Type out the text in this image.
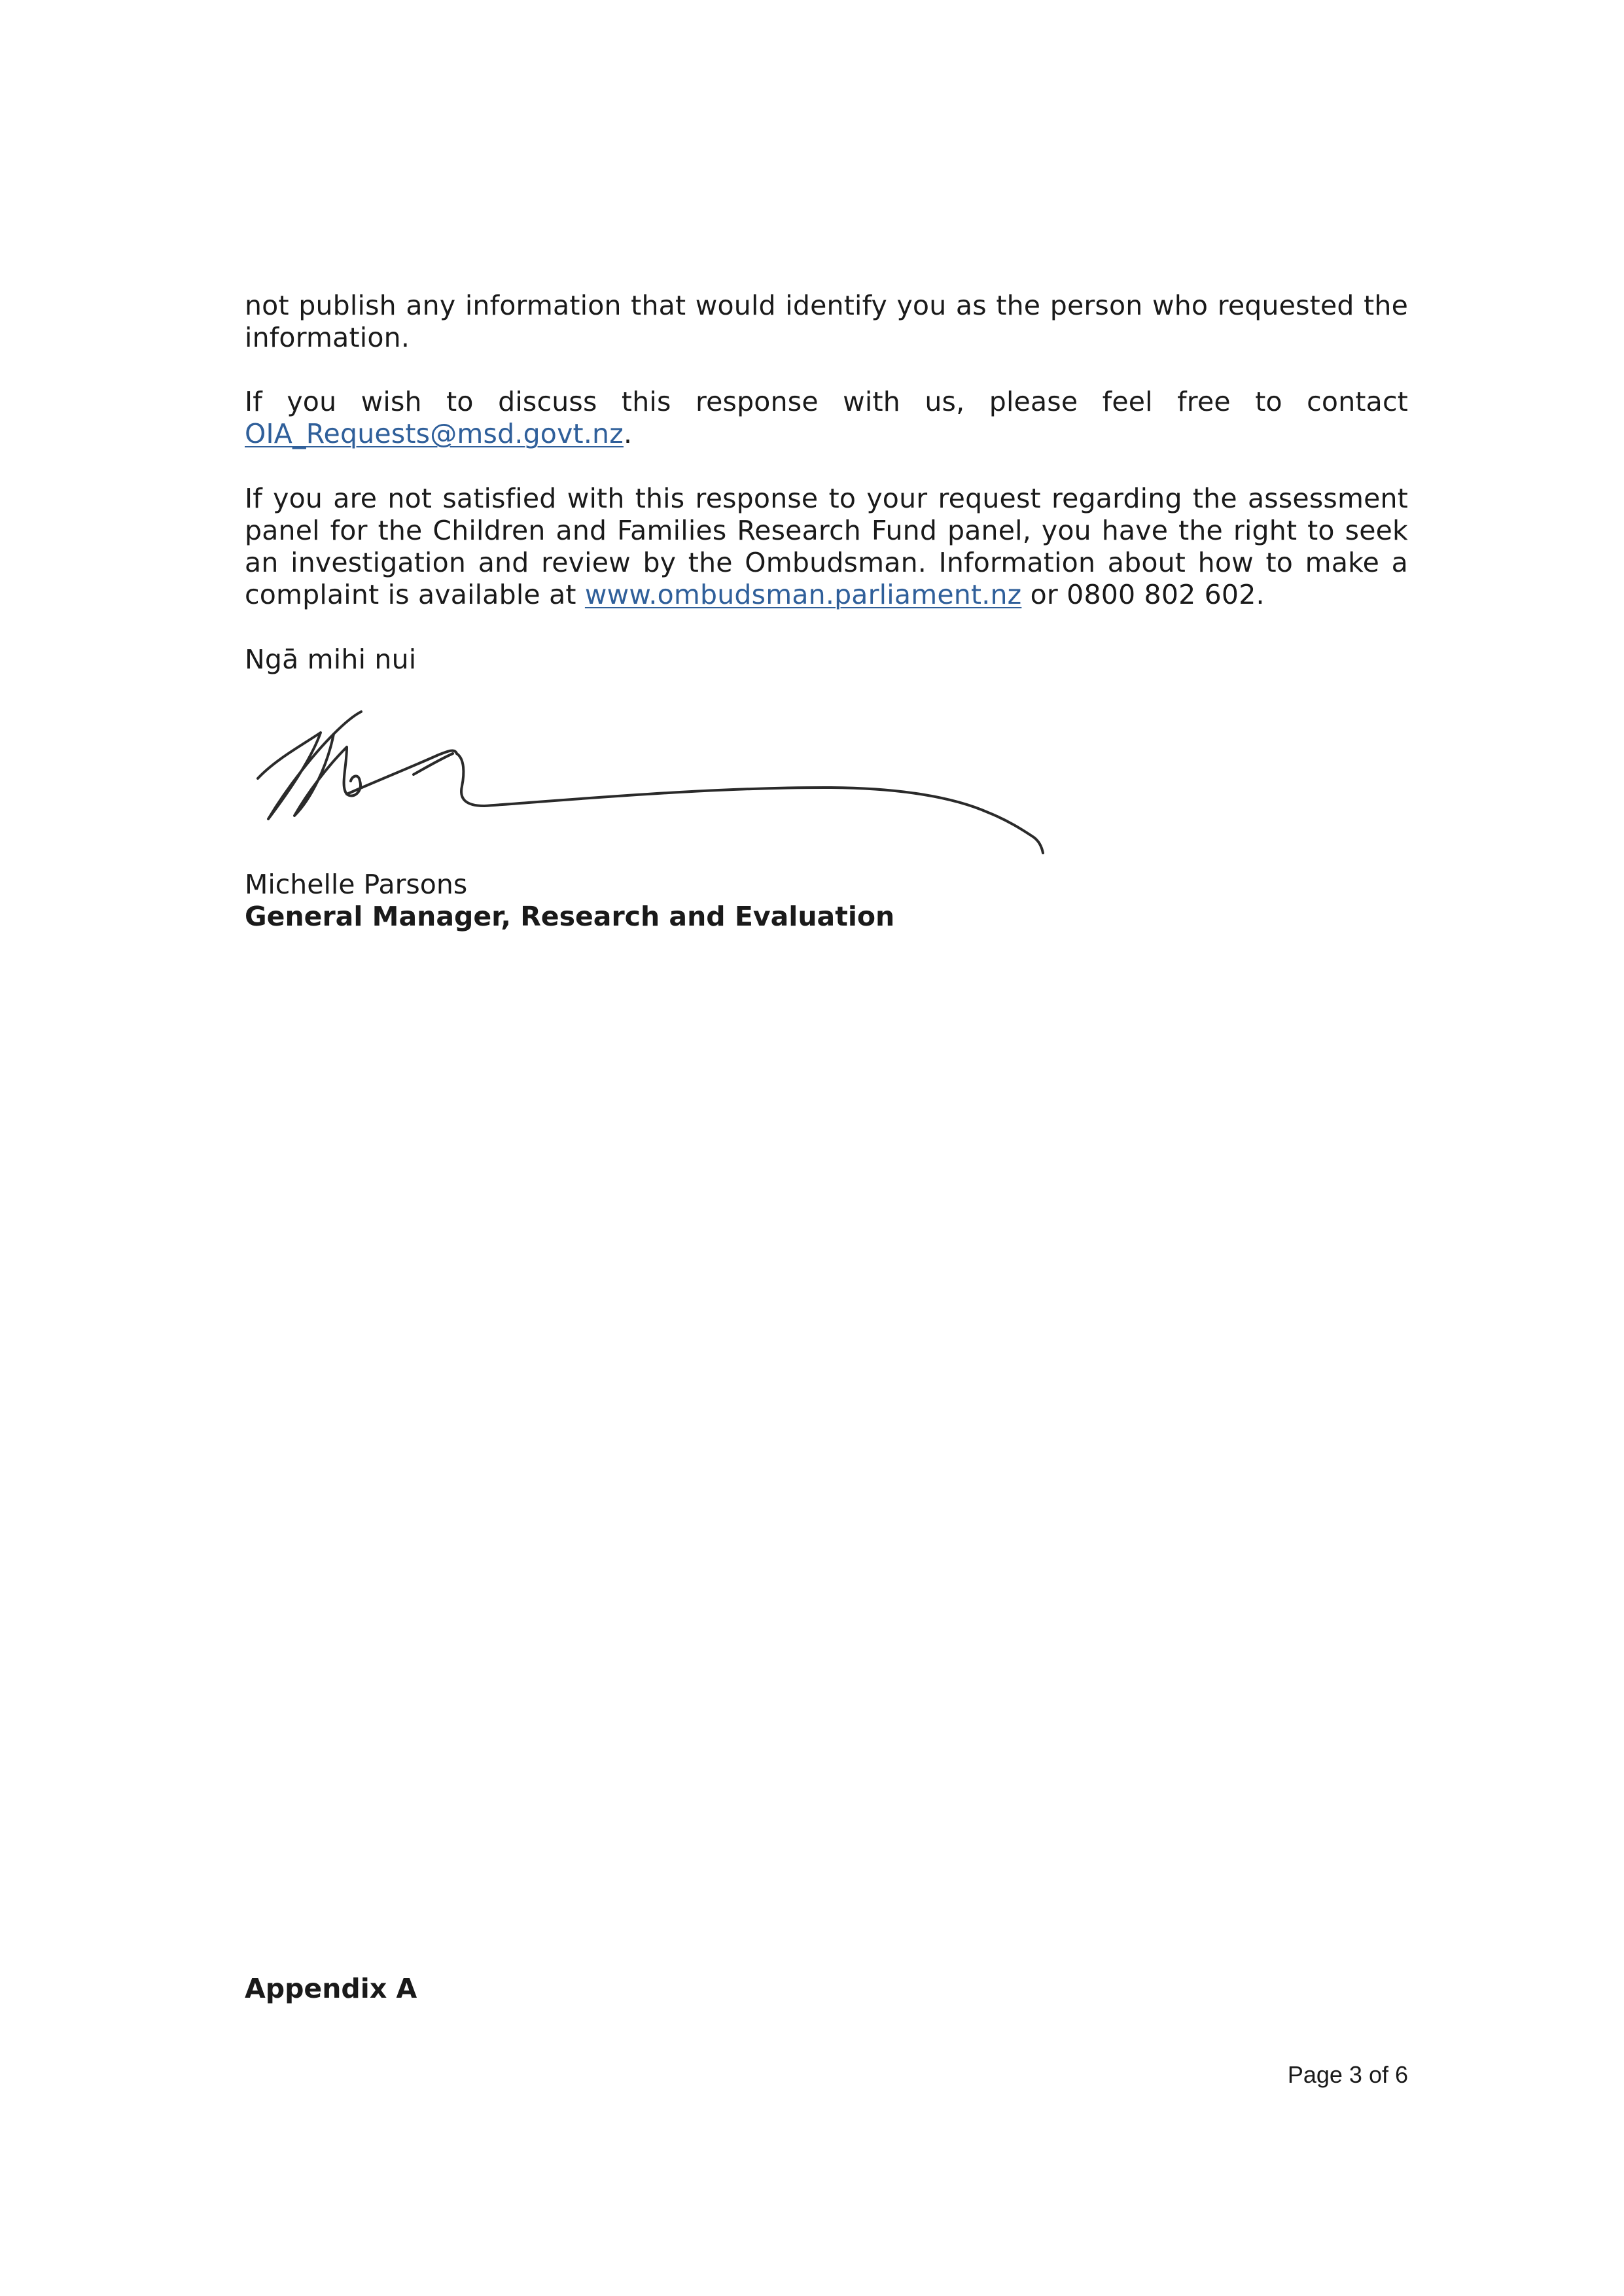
not publish any information that would identify you as the person who requested the information.

If you wish to discuss this response with us, please feel free to contact OIA_Requests@msd.govt.nz.

If you are not satisfied with this response to your request regarding the assessment panel for the Children and Families Research Fund panel, you have the right to seek an investigation and review by the Ombudsman. Information about how to make a complaint is available at www.ombudsman.parliament.nz or 0800 802 602.

Ngā mihi nui

Michelle Parsons
General Manager, Research and Evaluation
Appendix A
Page 3 of 6
